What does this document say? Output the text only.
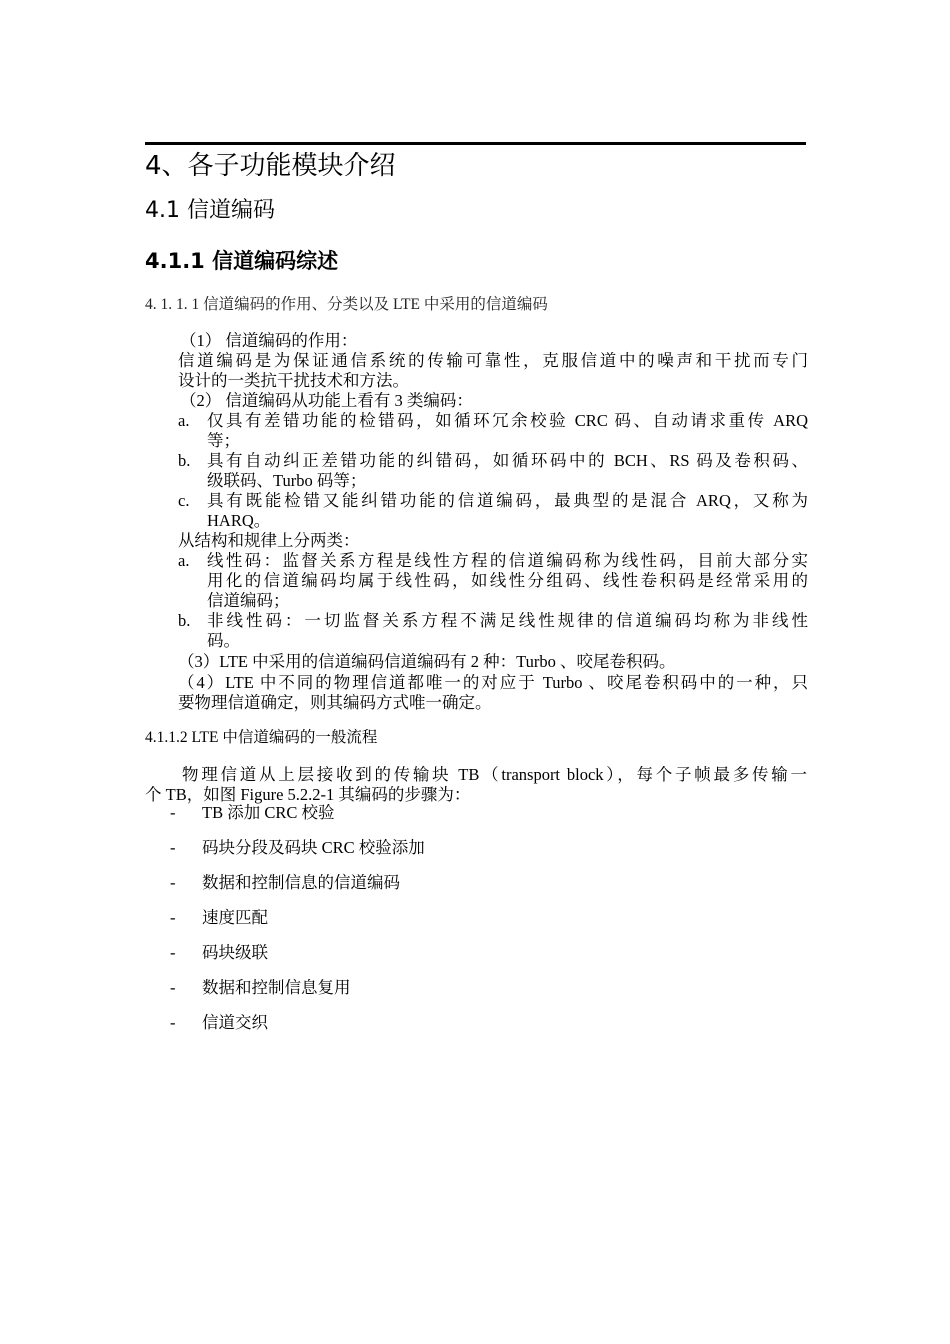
4、各子功能模块介绍
4.1 信道编码
4.1.1 信道编码综述
4. 1. 1. 1 信道编码的作用、分类以及 LTE 中采用的信道编码
（1） 信道编码的作用：
信道编码是为保证通信系统的传输可靠性，克服信道中的噪声和干扰而专门
设计的一类抗干扰技术和方法。
（2） 信道编码从功能上看有 3 类编码：
a. 仅具有差错功能的检错码，如循环冗余校验 CRC 码、自动请求重传 ARQ
等；
b. 具有自动纠正差错功能的纠错码，如循环码中的 BCH、RS 码及卷积码、
级联码、Turbo 码等；
c. 具有既能检错又能纠错功能的信道编码，最典型的是混合 ARQ，又称为
HARQ。
从结构和规律上分两类：
a. 线性码：监督关系方程是线性方程的信道编码称为线性码，目前大部分实
用化的信道编码均属于线性码，如线性分组码、线性卷积码是经常采用的
信道编码；
b. 非线性码：一切监督关系方程不满足线性规律的信道编码均称为非线性
码。
（3）LTE 中采用的信道编码信道编码有 2 种：Turbo 、咬尾卷积码。
（4）LTE 中不同的物理信道都唯一的对应于 Turbo 、咬尾卷积码中的一种，只
要物理信道确定，则其编码方式唯一确定。
4.1.1.2 LTE 中信道编码的一般流程
物理信道从上层接收到的传输块 TB（transport block），每个子帧最多传输一
个 TB，如图 Figure 5.2.2-1 其编码的步骤为：
-	TB 添加 CRC 校验
-	码块分段及码块 CRC 校验添加
-	数据和控制信息的信道编码
-	速度匹配
-	码块级联
-	数据和控制信息复用
-	信道交织
